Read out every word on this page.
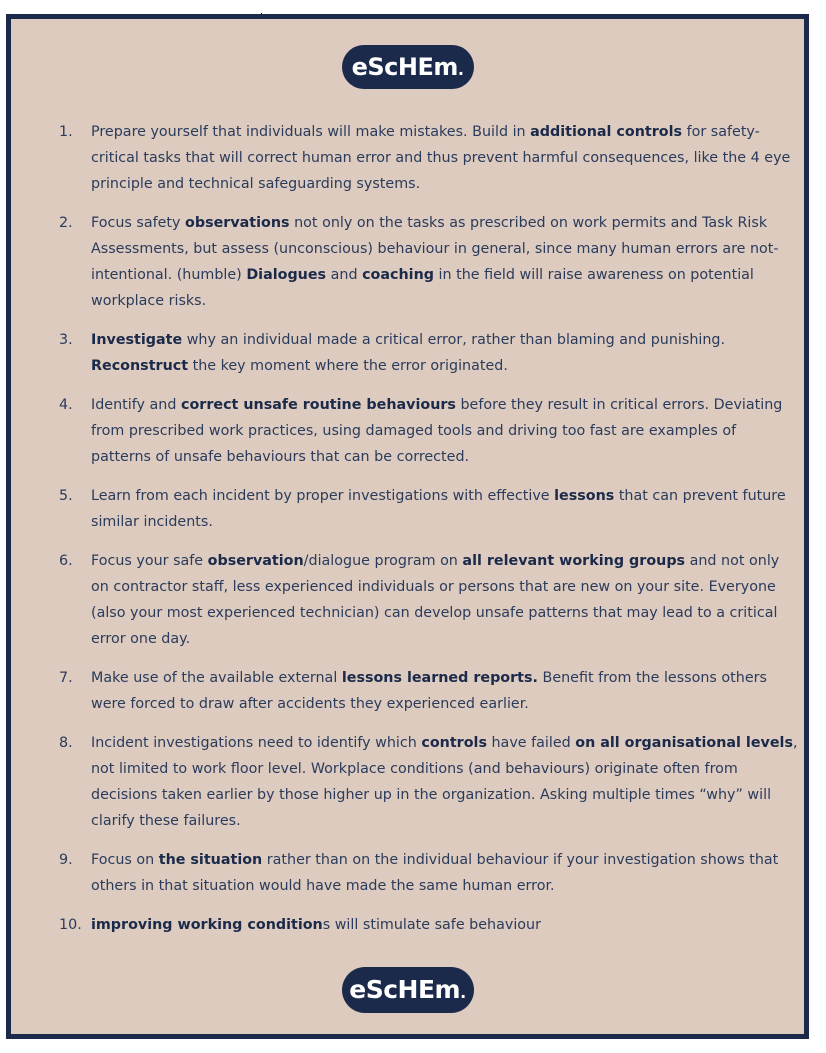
eScHEm .
1. Prepare yourself that individuals will make mistakes. Build in additional controls for safety-critical tasks that will correct human error and thus prevent harmful consequences, like the 4 eye principle and technical safeguarding systems.
2. Focus safety observations not only on the tasks as prescribed on work permits and Task Risk Assessments, but assess (unconscious) behaviour in general, since many human errors are not-intentional. (humble) Dialogues and coaching in the field will raise awareness on potential workplace risks.
3. Investigate why an individual made a critical error, rather than blaming and punishing. Reconstruct the key moment where the error originated.
4. Identify and correct unsafe routine behaviours before they result in critical errors. Deviating from prescribed work practices, using damaged tools and driving too fast are examples of patterns of unsafe behaviours that can be corrected.
5. Learn from each incident by proper investigations with effective lessons that can prevent future similar incidents.
6. Focus your safe observation/dialogue program on all relevant working groups and not only on contractor staff, less experienced individuals or persons that are new on your site. Everyone (also your most experienced technician) can develop unsafe patterns that may lead to a critical error one day.
7. Make use of the available external lessons learned reports. Benefit from the lessons others were forced to draw after accidents they experienced earlier.
8. Incident investigations need to identify which controls have failed on all organisational levels, not limited to work floor level. Workplace conditions (and behaviours) originate often from decisions taken earlier by those higher up in the organization. Asking multiple times “why” will clarify these failures.
9. Focus on the situation rather than on the individual behaviour if your investigation shows that others in that situation would have made the same human error.
10. improving working conditions will stimulate safe behaviour
eScHEm .
